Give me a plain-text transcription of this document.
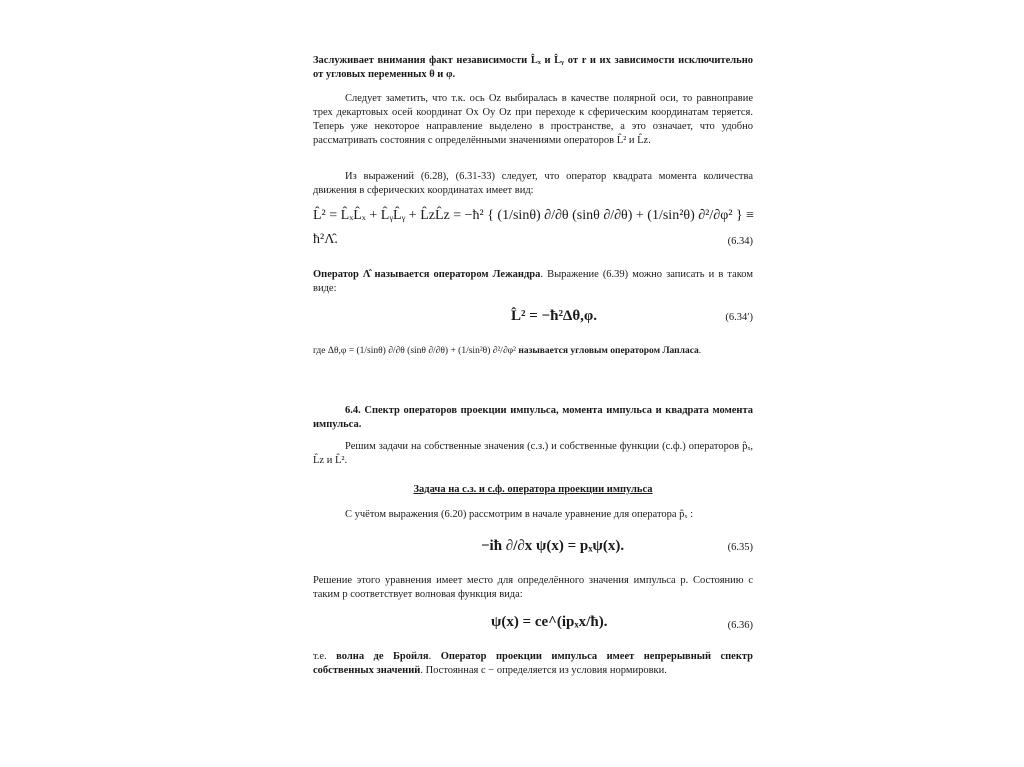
Заслуживает внимания факт независимости L̂ₓ и L̂ᵧ от r и их зависимости исключительно от угловых переменных θ и φ.
Следует заметить, что т.к. ось Oz выбиралась в качестве полярной оси, то равноправие трех декартовых осей координат Ox Oy Oz при переходе к сферическим координатам теряется. Теперь уже некоторое направление выделено в пространстве, а это означает, что удобно рассматривать состояния с определёнными значениями операторов L̂² и L̂z.
Из выражений (6.28), (6.31-33) следует, что оператор квадрата момента количества движения в сферических координатах имеет вид:
L̂² = L̂ₓL̂ₓ + L̂ᵧL̂ᵧ + L̂zL̂z = −ħ² { (1/sinθ) ∂/∂θ (sinθ ∂/∂θ) + (1/sin²θ) ∂²/∂φ² } ≡
ħ²Λ̂.	(6.34)
Оператор Λ̂ называется оператором Лежандра. Выражение (6.39) можно записать и в таком виде:
L̂² = −ħ²Δθ,φ.	(6.34′)
где Δθ,φ = (1/sinθ) ∂/∂θ (sinθ ∂/∂θ) + (1/sin²θ) ∂²/∂φ² называется угловым оператором Лапласа.
6.4. Спектр операторов проекции импульса, момента импульса и квадрата момента импульса.
Решим задачи на собственные значения (с.з.) и собственные функции (с.ф.) операторов p̂ₓ, L̂z и L̂².
Задача на с.з. и с.ф. оператора проекции импульса
С учётом выражения (6.20) рассмотрим в начале уравнение для оператора p̂ₓ :
−iħ ∂/∂x ψ(x) = pₓψ(x).	(6.35)
Решение этого уравнения имеет место для определённого значения импульса p. Состоянию с таким p соответствует волновая функция вида:
ψ(x) = ce^(ipₓx/ħ).	(6.36)
т.е. волна де Бройля. Оператор проекции импульса имеет непрерывный спектр собственных значений. Постоянная c − определяется из условия нормировки.
